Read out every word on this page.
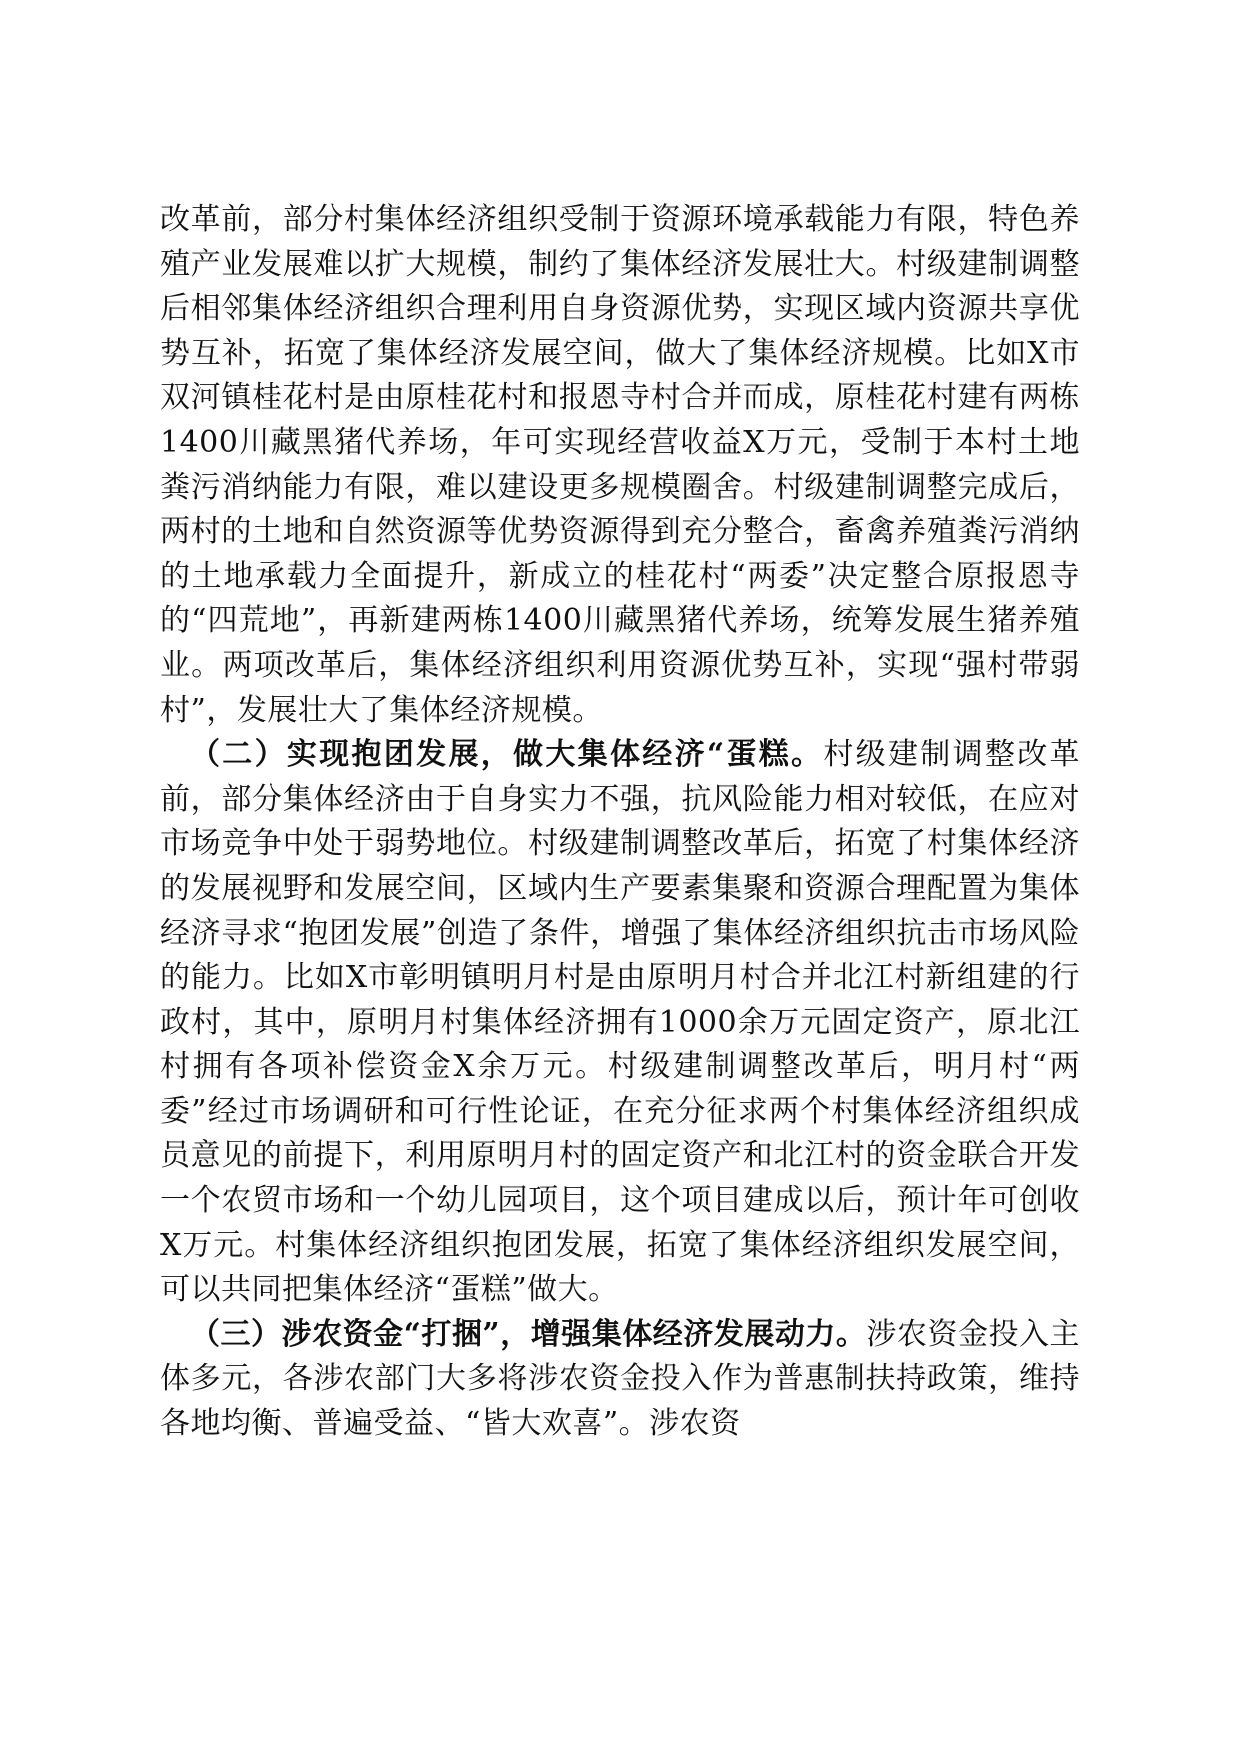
改革前，部分村集体经济组织受制于资源环境承载能力有限，特色养殖产业发展难以扩大规模，制约了集体经济发展壮大。村级建制调整后相邻集体经济组织合理利用自身资源优势，实现区域内资源共享优势互补，拓宽了集体经济发展空间，做大了集体经济规模。比如X市双河镇桂花村是由原桂花村和报恩寺村合并而成，原桂花村建有两栋1400川藏黑猪代养场，年可实现经营收益X万元，受制于本村土地粪污消纳能力有限，难以建设更多规模圈舍。村级建制调整完成后，两村的土地和自然资源等优势资源得到充分整合，畜禽养殖粪污消纳的土地承载力全面提升，新成立的桂花村“两委”决定整合原报恩寺的“四荒地”，再新建两栋1400川藏黑猪代养场，统筹发展生猪养殖业。两项改革后，集体经济组织利用资源优势互补，实现“强村带弱村”，发展壮大了集体经济规模。

（二）实现抱团发展，做大集体经济“蛋糕。村级建制调整改革前，部分集体经济由于自身实力不强，抗风险能力相对较低，在应对市场竞争中处于弱势地位。村级建制调整改革后，拓宽了村集体经济的发展视野和发展空间，区域内生产要素集聚和资源合理配置为集体经济寻求“抱团发展”创造了条件，增强了集体经济组织抗击市场风险的能力。比如X市彰明镇明月村是由原明月村合并北江村新组建的行政村，其中，原明月村集体经济拥有1000余万元固定资产，原北江村拥有各项补偿资金X余万元。村级建制调整改革后，明月村“两委”经过市场调研和可行性论证，在充分征求两个村集体经济组织成员意见的前提下，利用原明月村的固定资产和北江村的资金联合开发一个农贸市场和一个幼儿园项目，这个项目建成以后，预计年可创收X万元。村集体经济组织抱团发展，拓宽了集体经济组织发展空间，可以共同把集体经济“蛋糕”做大。

（三）涉农资金“打捆”，增强集体经济发展动力。涉农资金投入主体多元，各涉农部门大多将涉农资金投入作为普惠制扶持政策，维持各地均衡、普遍受益、“皆大欢喜”。涉农资
